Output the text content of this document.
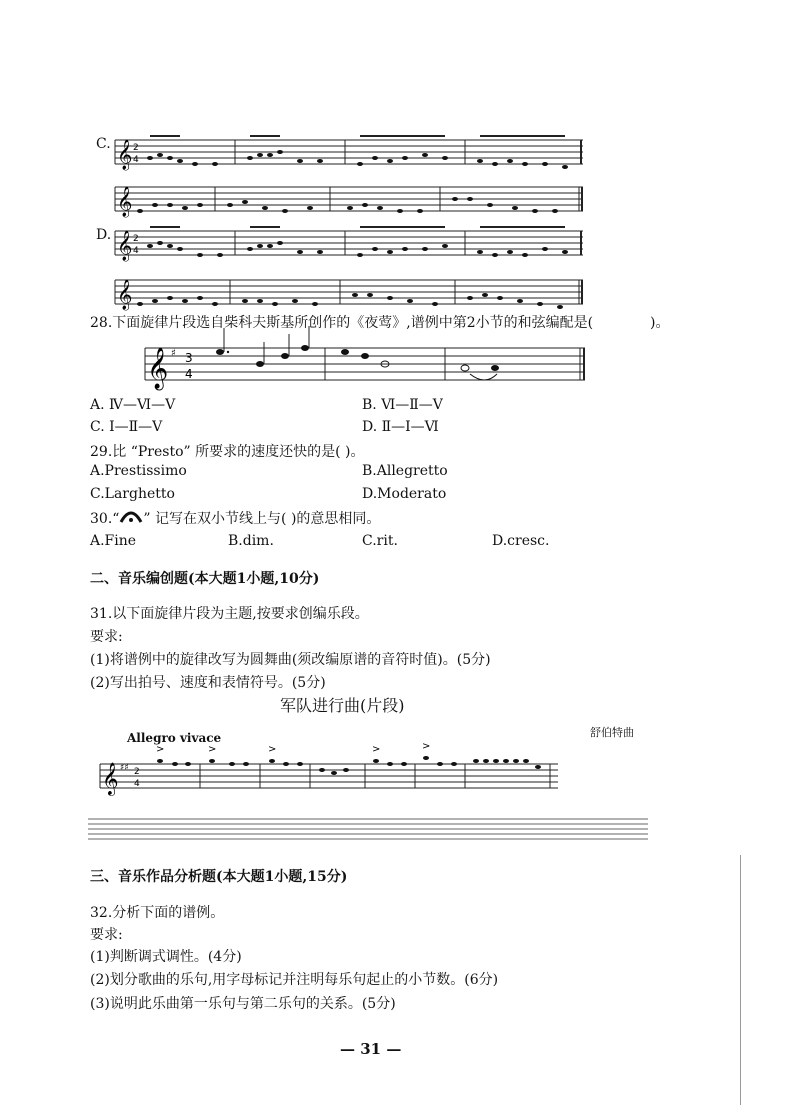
C. 𝄞 2
4
𝄞
D. 𝄞 2
4
𝄞
28.下面旋律片段选自柴科夫斯基所创作的《夜莺》,谱例中第2小节的和弦编配是(	)。
𝄞 ♯ 3
4
A. Ⅳ—Ⅵ—Ⅴ	B. Ⅵ—Ⅱ—Ⅴ
C. Ⅰ—Ⅱ—Ⅴ	D. Ⅱ—Ⅰ—Ⅵ
29.比 “Presto” 所要求的速度还快的是( )。
A.Prestissimo	B.Allegretto
C.Larghetto	D.Moderato
30.“ ” 记写在双小节线上与( )的意思相同。
A.Fine	B.dim.	C.rit.	D.cresc.
二、音乐编创题(本大题1小题,10分)
31.以下面旋律片段为主题,按要求创编乐段。
要求:
(1)将谱例中的旋律改写为圆舞曲(须改编原谱的音符时值)。(5分)
(2)写出拍号、速度和表情符号。(5分)
军队进行曲(片段)
舒伯特曲
Allegro vivace
𝄞 ♯♯ 2
4
>	>	>	>	>
三、音乐作品分析题(本大题1小题,15分)
32.分析下面的谱例。
要求:
(1)判断调式调性。(4分)
(2)划分歌曲的乐句,用字母标记并注明每乐句起止的小节数。(6分)
(3)说明此乐曲第一乐句与第二乐句的关系。(5分)
— 31 —
